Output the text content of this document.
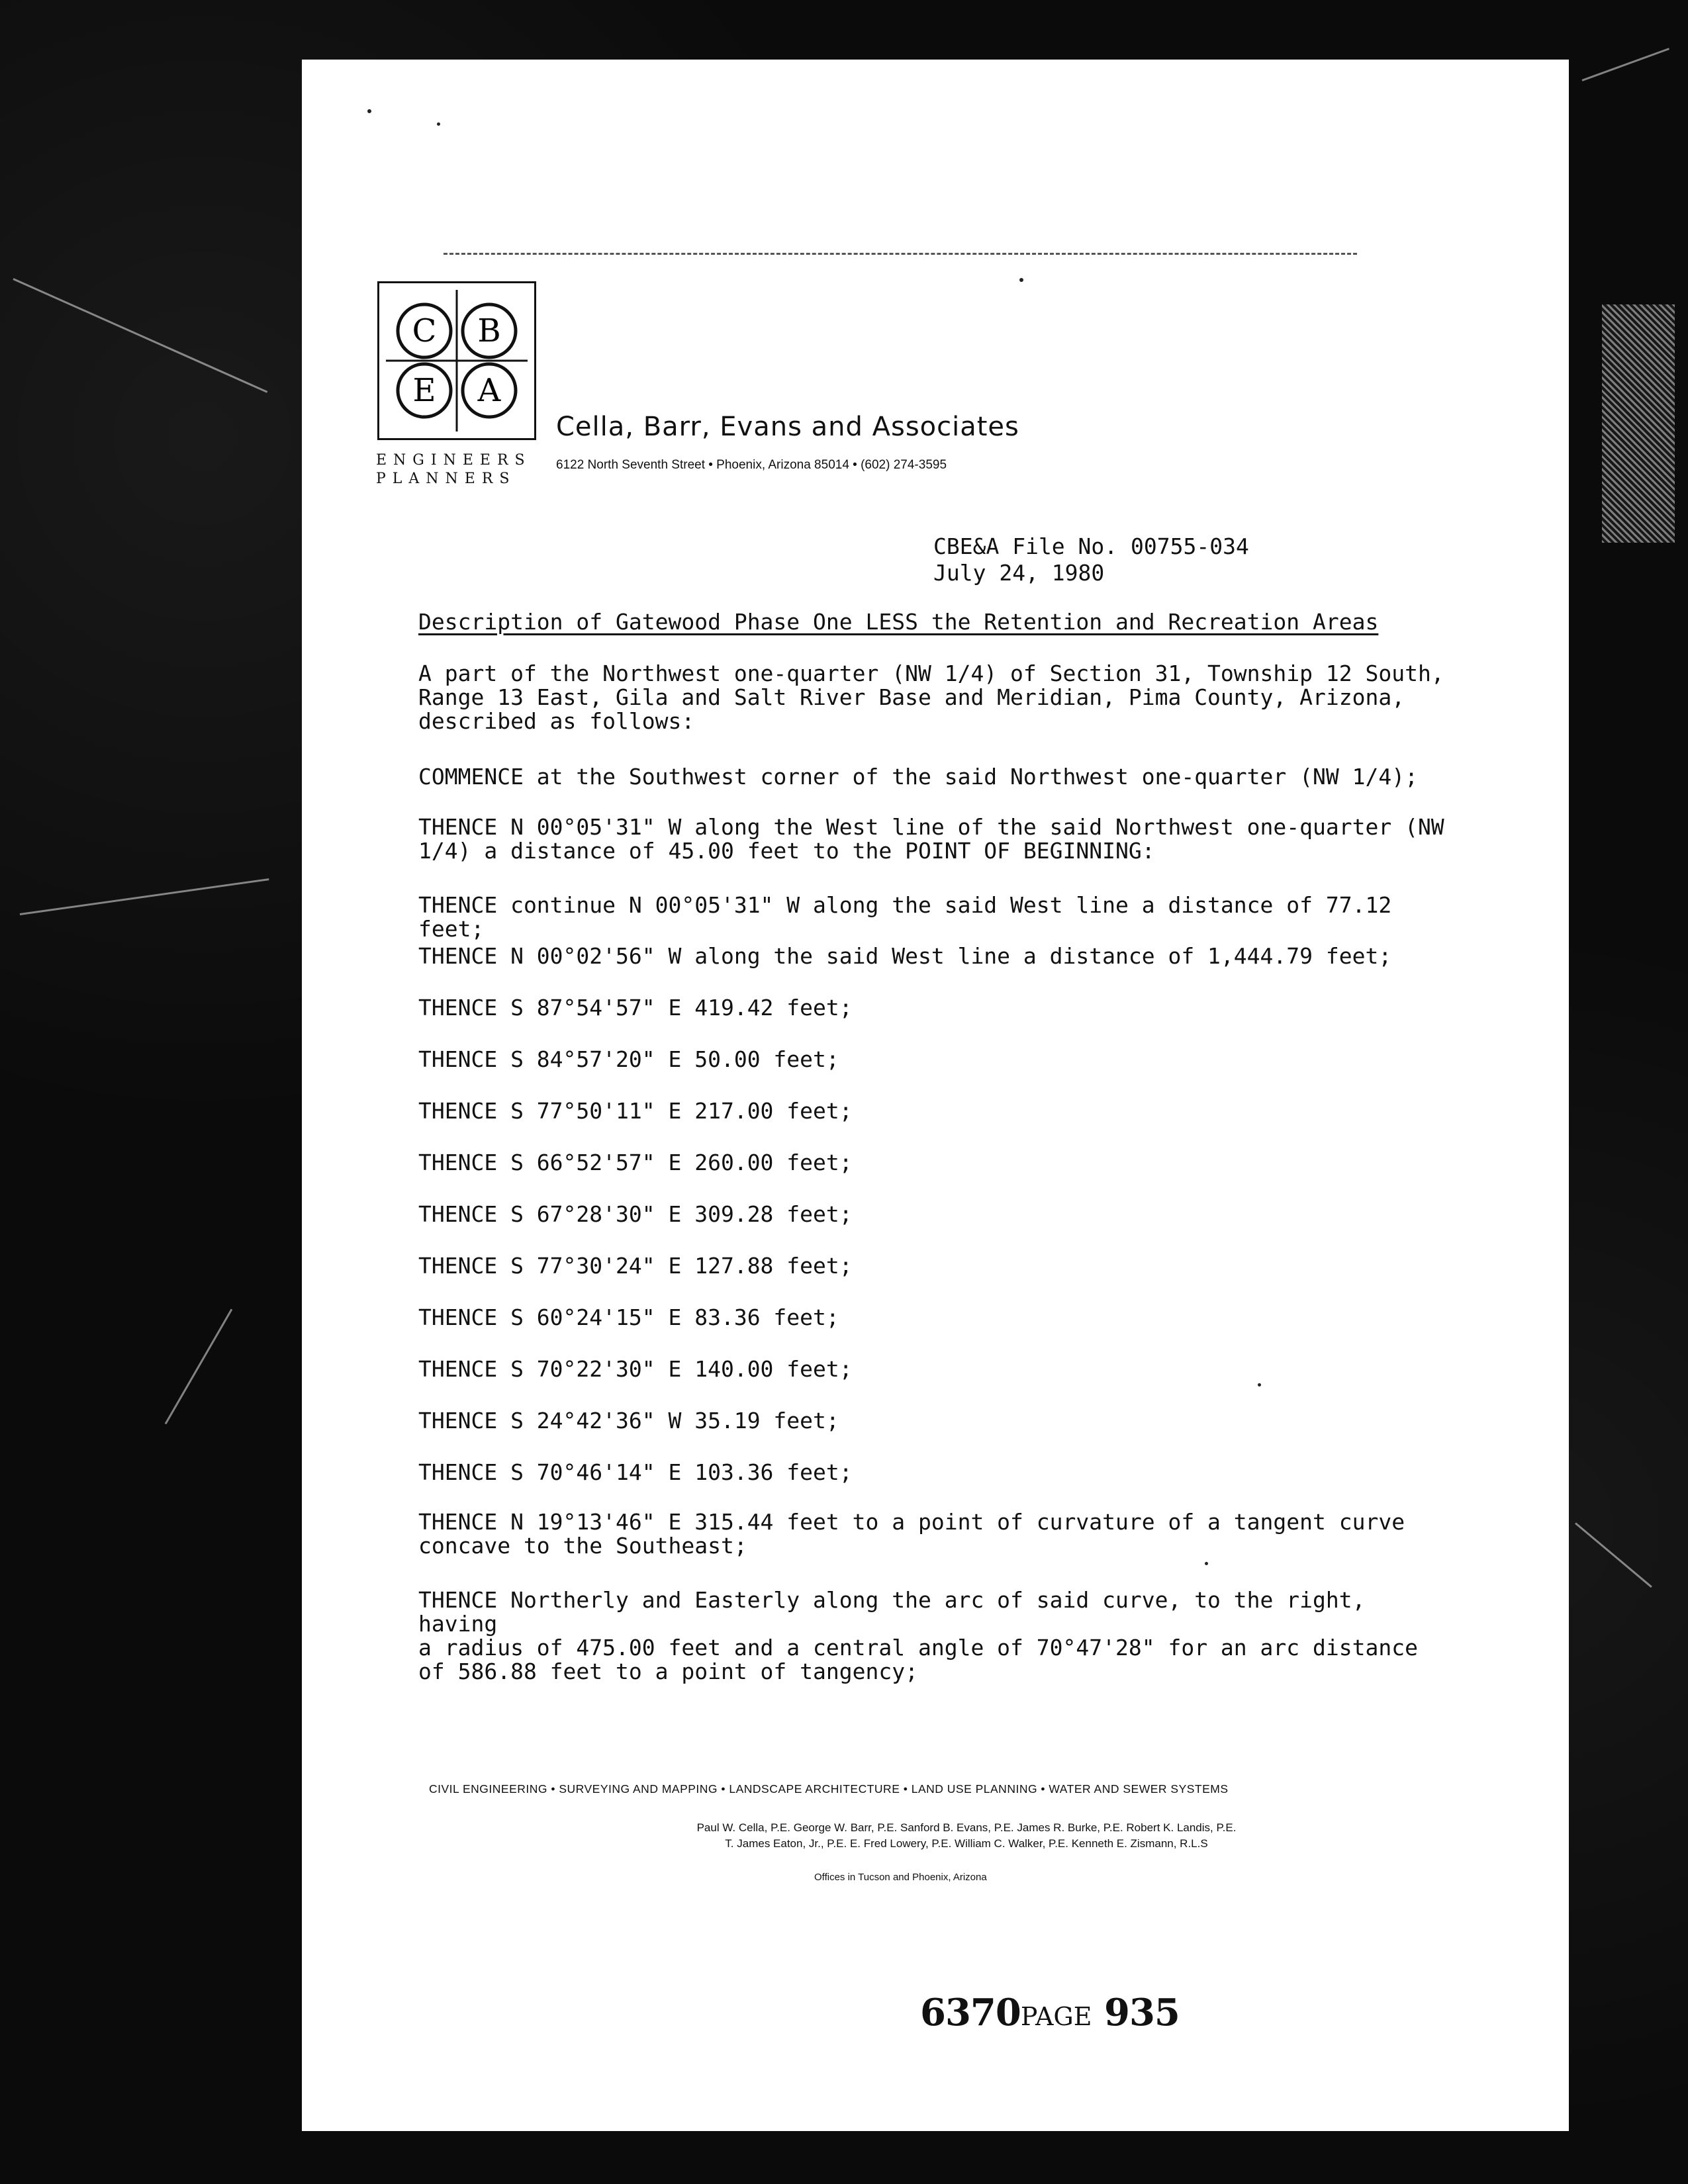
C B
E A
ENGINEERS
PLANNERS
Cella, Barr, Evans and Associates
6122 North Seventh Street • Phoenix, Arizona 85014 • (602) 274-3595
CBE&A File No. 00755-034
July 24, 1980
Description of Gatewood Phase One LESS the Retention and Recreation Areas
A part of the Northwest one-quarter (NW 1/4) of Section 31, Township 12 South,
Range 13 East, Gila and Salt River Base and Meridian, Pima County, Arizona,
described as follows:
COMMENCE at the Southwest corner of the said Northwest one-quarter (NW 1/4);
THENCE N 00°05'31" W along the West line of the said Northwest one-quarter (NW
1/4) a distance of 45.00 feet to the POINT OF BEGINNING:
THENCE continue N 00°05'31" W along the said West line a distance of 77.12 feet;
THENCE N 00°02'56" W along the said West line a distance of 1,444.79 feet;
THENCE S 87°54'57" E 419.42 feet;
THENCE S 84°57'20" E 50.00 feet;
THENCE S 77°50'11" E 217.00 feet;
THENCE S 66°52'57" E 260.00 feet;
THENCE S 67°28'30" E 309.28 feet;
THENCE S 77°30'24" E 127.88 feet;
THENCE S 60°24'15" E 83.36 feet;
THENCE S 70°22'30" E 140.00 feet;
THENCE S 24°42'36" W 35.19 feet;
THENCE S 70°46'14" E 103.36 feet;
THENCE N 19°13'46" E 315.44 feet to a point of curvature of a tangent curve
concave to the Southeast;
THENCE Northerly and Easterly along the arc of said curve, to the right, having
a radius of 475.00 feet and a central angle of 70°47'28" for an arc distance
of 586.88 feet to a point of tangency;
CIVIL ENGINEERING • SURVEYING AND MAPPING • LANDSCAPE ARCHITECTURE • LAND USE PLANNING • WATER AND SEWER SYSTEMS
Paul W. Cella, P.E. George W. Barr, P.E. Sanford B. Evans, P.E. James R. Burke, P.E. Robert K. Landis, P.E.
T. James Eaton, Jr., P.E. E. Fred Lowery, P.E. William C. Walker, P.E. Kenneth E. Zismann, R.L.S
Offices in Tucson and Phoenix, Arizona
6370PAGE 935
